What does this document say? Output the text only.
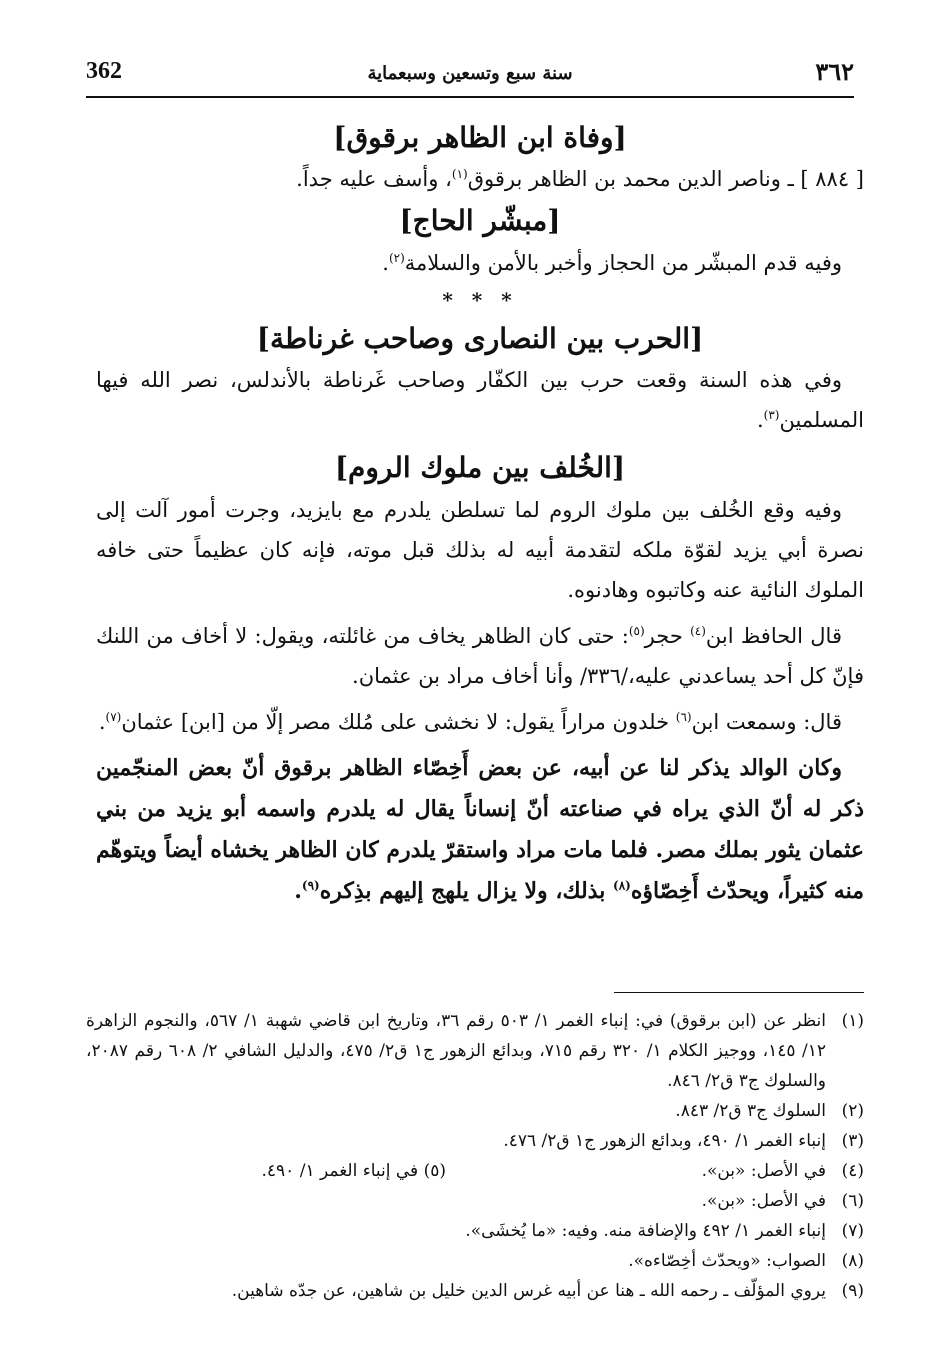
362	سنة سبع وتسعين وسبعماية	٣٦٢
[وفاة ابن الظاهر برقوق]

[ ٨٨٤ ] ـ وناصر الدين محمد بن الظاهر برقوق$^{(١)}$، وأسف عليه جداً.

[مبشّر الحاج]

وفيه قدم المبشّر من الحجاز وأخبر بالأمن والسلامة$^{(٢)}$.

* * *
[الحرب بين النصارى وصاحب غرناطة]

وفي هذه السنة وقعت حرب بين الكفّار وصاحب غَرناطة بالأندلس، نصر الله فيها المسلمين$^{(٣)}$.

[الخُلف بين ملوك الروم]

وفيه وقع الخُلف بين ملوك الروم لما تسلطن يلدرم مع بايزيد، وجرت أمور آلت إلى نصرة أبي يزيد لقوّة ملكه لتقدمة أبيه له بذلك قبل موته، فإنه كان عظيماً حتى خافه الملوك النائية عنه وكاتبوه وهادنوه.

قال الحافظ ابن$^{(٤)}$ حجر$^{(٥)}$: حتى كان الظاهر يخاف من غائلته، ويقول: لا أخاف من اللنك فإنّ كل أحد يساعدني عليه،/٣٣٦/ وأنا أخاف مراد بن عثمان.

قال: وسمعت ابن$^{(٦)}$ خلدون مراراً يقول: لا نخشى على مُلك مصر إلّا من [ابن] عثمان$^{(٧)}$.

وكان الوالد يذكر لنا عن أبيه، عن بعض أَخِصّاء الظاهر برقوق أنّ بعض المنجّمين ذكر له أنّ الذي يراه في صناعته أنّ إنساناً يقال له يلدرم واسمه أبو يزيد من بني عثمان يثور بملك مصر. فلما مات مراد واستقرّ يلدرم كان الظاهر يخشاه أيضاً ويتوهّم منه كثيراً، ويحدّث أَخِصّاؤه$^{(٨)}$ بذلك، ولا يزال يلهج إليهم بذِكره$^{(٩)}$.

(١)
انظر عن (ابن برقوق) في: إنباء الغمر ١/ ٥٠٣ رقم ٣٦، وتاريخ ابن قاضي شهبة ١/ ٥٦٧، والنجوم الزاهرة ١٢/ ١٤٥، ووجيز الكلام ١/ ٣٢٠ رقم ٧١٥، وبدائع الزهور ج١ ق٢/ ٤٧٥، والدليل الشافي ٢/ ٦٠٨ رقم ٢٠٨٧، والسلوك ج٣ ق٢/ ٨٤٦.
(٢)
السلوك ج٣ ق٢/ ٨٤٣.
(٣)
إنباء الغمر ١/ ٤٩٠، وبدائع الزهور ج١ ق٢/ ٤٧٦.
(٤)
في الأصل: «بن».
(٥) في إنباء الغمر ١/ ٤٩٠.
(٦)
في الأصل: «بن».
(٧)
إنباء الغمر ١/ ٤٩٢ والإضافة منه. وفيه: «ما يُخشَى».
(٨)
الصواب: «ويحدّث أخِصّاءه».
(٩)
يروي المؤلّف ـ رحمه الله ـ هنا عن أبيه غرس الدين خليل بن شاهين، عن جدّه شاهين.
